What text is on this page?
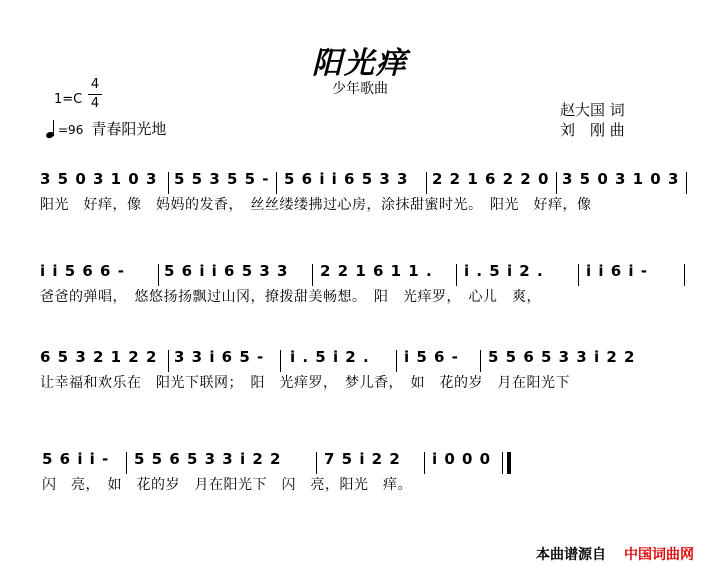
阳光痒
少年歌曲
1=C
4
4
=96 青春阳光地
赵大国 词
刘　刚 曲
3 5 0 3 1 0 3 5 5 3 5 5 - 5 6 i i 6 5 3 3 2 2 1 6 2 2 0 3 5 0 3 1 0 3
阳光　好痒，像　妈妈的发香，　丝丝缕缕拂过心房，涂抹甜蜜时光。　阳光　好痒，像
i i 5 6 6 -	5 6 i i 6 5 3 3 2 2 1 6 1 1 . i . 5 i 2 .	i i 6 i -
爸爸的弹唱，　悠悠扬扬飘过山冈，撩拨甜美畅想。　阳　光痒罗，　心儿　爽，
6 5 3 2 1 2 2 3 3 i 6 5 - i . 5 i 2 . i 5 6 - 5 5 6 5 3 3 i 2 2
让幸福和欢乐在　阳光下联网；　阳　光痒罗，　梦儿香，　如　花的岁　月在阳光下
5 6 i i - 5 5 6 5 3 3 i 2 2	7 5 i 2 2 i 0 0 0
闪　亮，　如　花的岁　月在阳光下　闪　亮，阳光　痒。
本曲谱源自 中国词曲网
